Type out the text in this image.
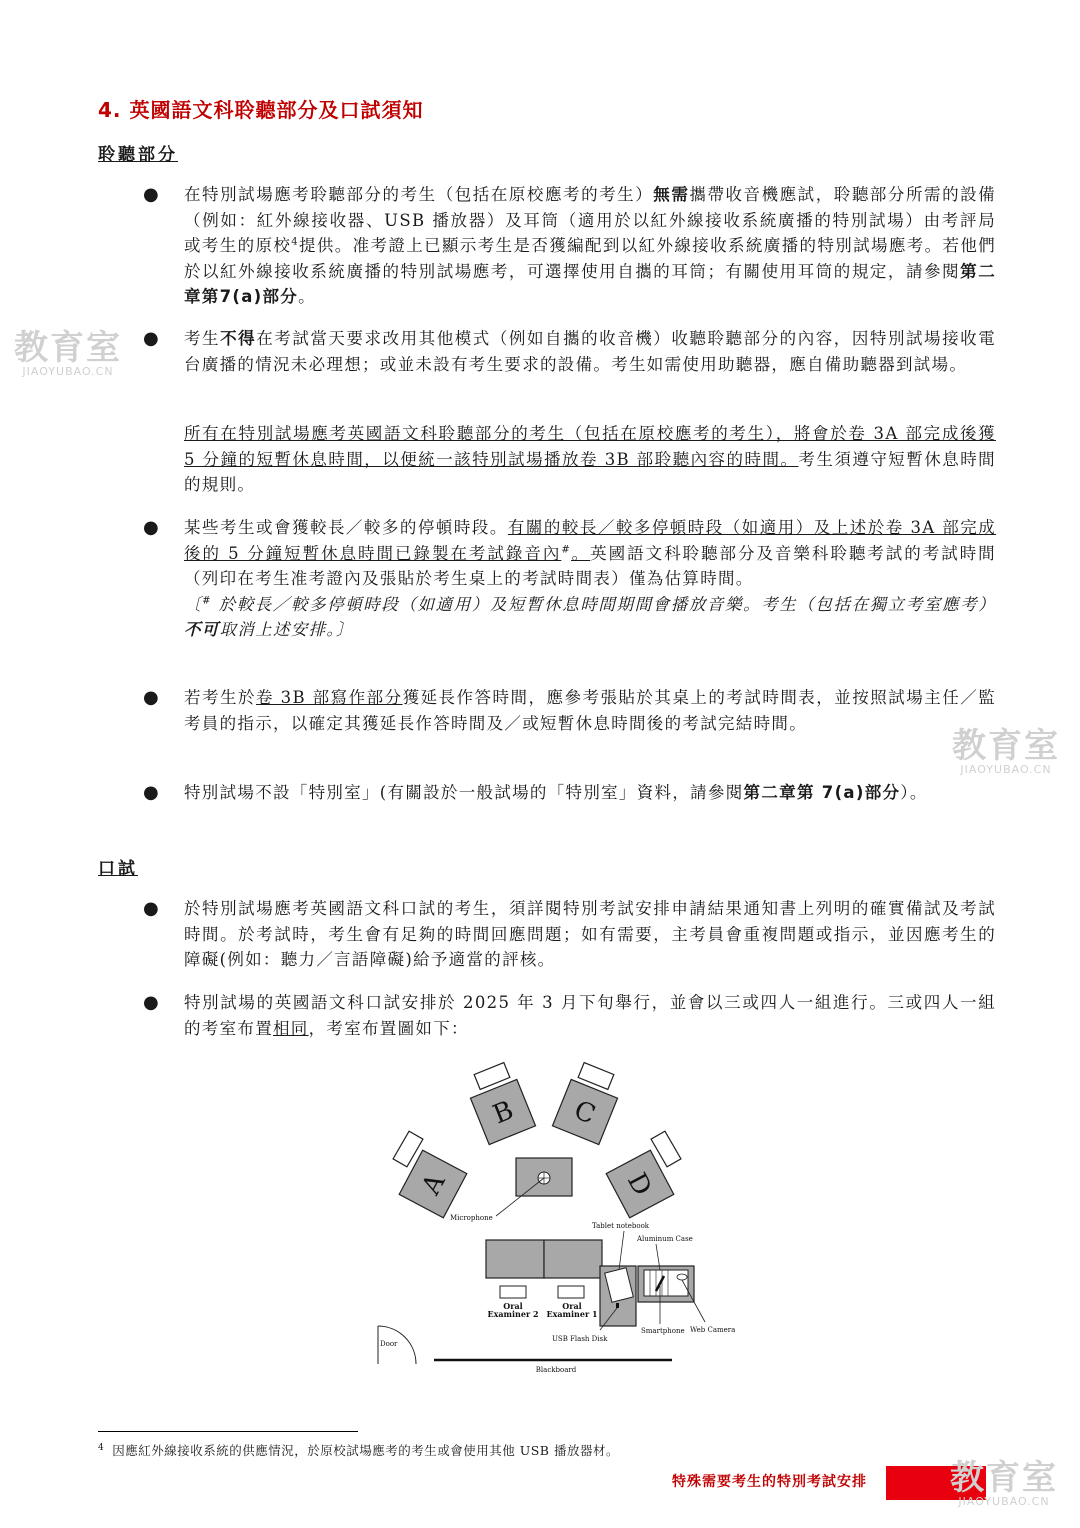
4. 英國語文科聆聽部分及口試須知
聆聽部分
● 在特別試場應考聆聽部分的考生（包括在原校應考的考生）無需攜帶收音機應試，聆聽部分所需的設備（例如：紅外線接收器、USB 播放器）及耳筒（適用於以紅外線接收系統廣播的特別試場）由考評局或考生的原校$^4$提供。准考證上已顯示考生是否獲編配到以紅外線接收系統廣播的特別試場應考。若他們於以紅外線接收系統廣播的特別試場應考，可選擇使用自攜的耳筒；有關使用耳筒的規定，請參閱第二章第7(a)部分。

● 考生不得在考試當天要求改用其他模式（例如自攜的收音機）收聽聆聽部分的內容，因特別試場接收電台廣播的情況未必理想；或並未設有考生要求的設備。考生如需使用助聽器，應自備助聽器到試場。

所有在特別試場應考英國語文科聆聽部分的考生（包括在原校應考的考生），將會於卷 3A 部完成後獲 5 分鐘的短暫休息時間，以便統一該特別試場播放卷 3B 部聆聽內容的時間。考生須遵守短暫休息時間的規則。

● 某些考生或會獲較長／較多的停頓時段。有關的較長／較多停頓時段（如適用）及上述於卷 3A 部完成後的 5 分鐘短暫休息時間已錄製在考試錄音內#。英國語文科聆聽部分及音樂科聆聽考試的考試時間（列印在考生准考證內及張貼於考生桌上的考試時間表）僅為估算時間。
〔# 於較長／較多停頓時段（如適用）及短暫休息時間期間會播放音樂。考生（包括在獨立考室應考）不可取消上述安排。〕

● 若考生於卷 3B 部寫作部分獲延長作答時間，應參考張貼於其桌上的考試時間表，並按照試場主任／監考員的指示，以確定其獲延長作答時間及／或短暫休息時間後的考試完結時間。

● 特別試場不設「特別室」(有關設於一般試場的「特別室」資料，請參閱第二章第 7(a)部分）。

口試
● 於特別試場應考英國語文科口試的考生，須詳閱特別考試安排申請結果通知書上列明的確實備試及考試時間。於考試時，考生會有足夠的時間回應問題；如有需要，主考員會重複問題或指示，並因應考生的障礙(例如：聽力／言語障礙)給予適當的評核。

● 特別試場的英國語文科口試安排於 2025 年 3 月下旬舉行，並會以三或四人一組進行。三或四人一組的考室布置相同，考室布置圖如下：

A
B C
D
Microphone
Tablet notebook
Aluminum Case
Oral
Examiner 2
Oral
Examiner 1
USB Flash Disk
Smartphone Web Camera
Door
Blackboard
教育室
JIAOYUBAO.CN
教育室
JIAOYUBAO.CN
$^4$ 因應紅外線接收系統的供應情況，於原校試場應考的考生或會使用其他 USB 播放器材。
特殊需要考生的特別考試安排 教育室
JIAOYUBAO.CN
